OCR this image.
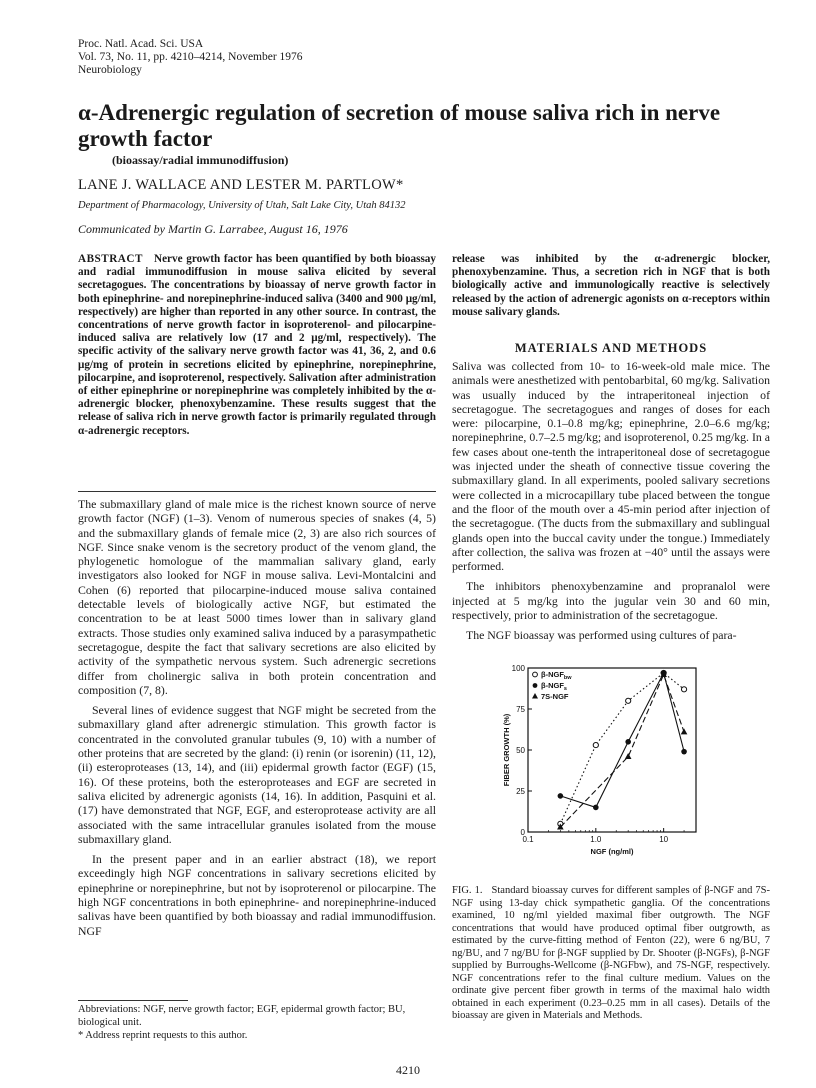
Proc. Natl. Acad. Sci. USA
Vol. 73, No. 11, pp. 4210–4214, November 1976
Neurobiology
α-Adrenergic regulation of secretion of mouse saliva rich in nerve growth factor
(bioassay/radial immunodiffusion)
LANE J. WALLACE AND LESTER M. PARTLOW*
Department of Pharmacology, University of Utah, Salt Lake City, Utah 84132
Communicated by Martin G. Larrabee, August 16, 1976
ABSTRACT Nerve growth factor has been quantified by both bioassay and radial immunodiffusion in mouse saliva elicited by several secretagogues. The concentrations by bioassay of nerve growth factor in both epinephrine- and norepinephrine-induced saliva (3400 and 900 μg/ml, respectively) are higher than reported in any other source. In contrast, the concentrations of nerve growth factor in isoproterenol- and pilocarpine-induced saliva are relatively low (17 and 2 μg/ml, respectively). The specific activity of the salivary nerve growth factor was 41, 36, 2, and 0.6 μg/mg of protein in secretions elicited by epinephrine, norepinephrine, pilocarpine, and isoproterenol, respectively. Salivation after administration of either epinephrine or norepinephrine was completely inhibited by the α-adrenergic blocker, phenoxybenzamine. These results suggest that the release of saliva rich in nerve growth factor is primarily regulated through α-adrenergic receptors.

The submaxillary gland of male mice is the richest known source of nerve growth factor (NGF) (1–3). Venom of numerous species of snakes (4, 5) and the submaxillary glands of female mice (2, 3) are also rich sources of NGF. Since snake venom is the secretory product of the venom gland, the phylogenetic homologue of the mammalian salivary gland, early investigators also looked for NGF in mouse saliva. Levi-Montalcini and Cohen (6) reported that pilocarpine-induced mouse saliva contained detectable levels of biologically active NGF, but estimated the concentration to be at least 5000 times lower than in salivary gland extracts. Those studies only examined saliva induced by a parasympathetic secretagogue, despite the fact that salivary secretions are also elicited by activity of the sympathetic nervous system. Such adrenergic secretions differ from cholinergic saliva in both protein concentration and composition (7, 8).

Several lines of evidence suggest that NGF might be secreted from the submaxillary gland after adrenergic stimulation. This growth factor is concentrated in the convoluted granular tubules (9, 10) with a number of other proteins that are secreted by the gland: (i) renin (or isorenin) (11, 12), (ii) esteroproteases (13, 14), and (iii) epidermal growth factor (EGF) (15, 16). Of these proteins, both the esteroproteases and EGF are secreted in saliva elicited by adrenergic agonists (14, 16). In addition, Pasquini et al. (17) have demonstrated that NGF, EGF, and esteroprotease activity are all associated with the same intracellular granules isolated from the mouse submaxillary gland.

In the present paper and in an earlier abstract (18), we report exceedingly high NGF concentrations in salivary secretions elicited by epinephrine or norepinephrine, but not by isoproterenol or pilocarpine. The high NGF concentrations in both epinephrine- and norepinephrine-induced salivas have been quantified by both bioassay and radial immunodiffusion. NGF

release was inhibited by the α-adrenergic blocker, phenoxybenzamine. Thus, a secretion rich in NGF that is both biologically active and immunologically reactive is selectively released by the action of adrenergic agonists on α-receptors within mouse salivary glands.

MATERIALS AND METHODS

Saliva was collected from 10- to 16-week-old male mice. The animals were anesthetized with pentobarbital, 60 mg/kg. Salivation was usually induced by the intraperitoneal injection of secretagogue. The secretagogues and ranges of doses for each were: pilocarpine, 0.1–0.8 mg/kg; epinephrine, 2.0–6.6 mg/kg; norepinephrine, 0.7–2.5 mg/kg; and isoproterenol, 0.25 mg/kg. In a few cases about one-tenth the intraperitoneal dose of secretagogue was injected under the sheath of connective tissue covering the submaxillary gland. In all experiments, pooled salivary secretions were collected in a microcapillary tube placed between the tongue and the floor of the mouth over a 45-min period after injection of the secretagogue. (The ducts from the submaxillary and sublingual glands open into the buccal cavity under the tongue.) Immediately after collection, the saliva was frozen at −40° until the assays were performed.

The inhibitors phenoxybenzamine and propranalol were injected at 5 mg/kg into the jugular vein 30 and 60 min, respectively, prior to administration of the secretagogue.

The NGF bioassay was performed using cultures of para-

0
25
50
75
100
0.1	1.0	10
NGF (ng/ml)
FIBER GROWTH (%)
$\beta-NGF_{bw}$
$\beta-NGF_s$
7S-NGF
FIG. 1. Standard bioassay curves for different samples of β-NGF and 7S-NGF using 13-day chick sympathetic ganglia. Of the concentrations examined, 10 ng/ml yielded maximal fiber outgrowth. The NGF concentrations that would have produced optimal fiber outgrowth, as estimated by the curve-fitting method of Fenton (22), were 6 ng/BU, 7 ng/BU, and 7 ng/BU for β-NGF supplied by Dr. Shooter (β-NGFs), β-NGF supplied by Burroughs-Wellcome (β-NGFbw), and 7S-NGF, respectively. NGF concentrations refer to the final culture medium. Values on the ordinate give percent fiber growth in terms of the maximal halo width obtained in each experiment (0.23–0.25 mm in all cases). Details of the bioassay are given in Materials and Methods.
Abbreviations: NGF, nerve growth factor; EGF, epidermal growth factor; BU, biological unit.
* Address reprint requests to this author.
4210
